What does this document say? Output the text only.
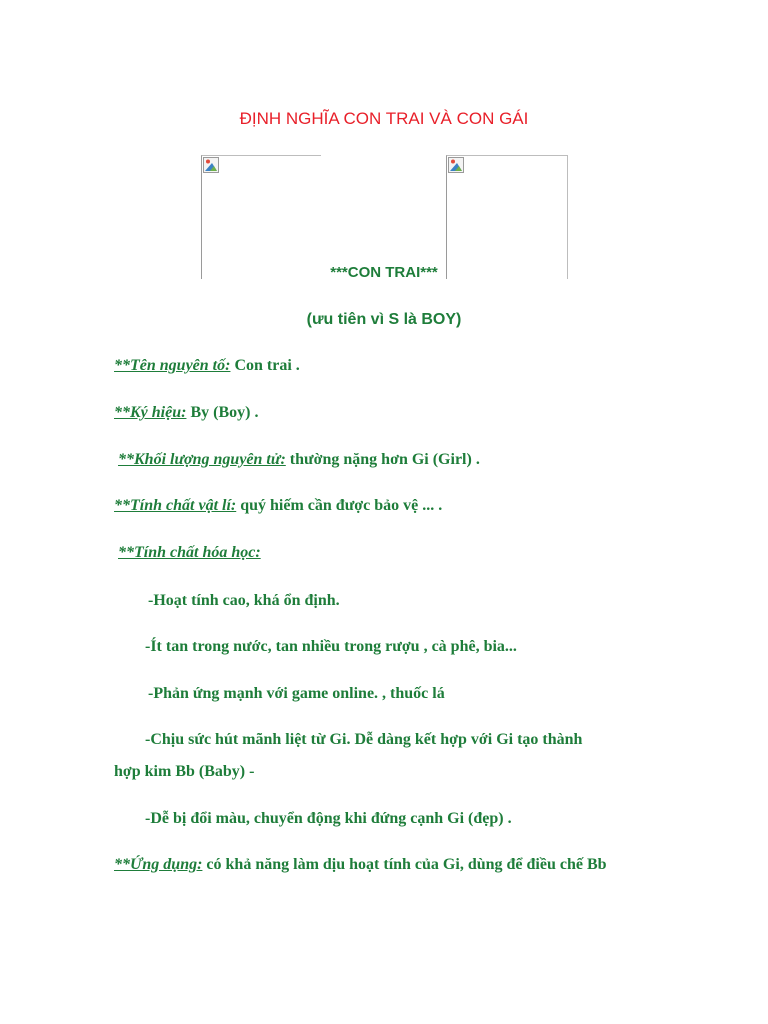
ĐỊNH NGHĨA CON TRAI VÀ CON GÁI
***CON TRAI***
(ưu tiên vì S là BOY)
**Tên nguyên tố: Con trai .
**Ký hiệu: By (Boy) .
**Khối lượng nguyên tử: thường nặng hơn Gi (Girl) .
**Tính chất vật lí: quý hiếm cần được bảo vệ ... .
**Tính chất hóa học:
-Hoạt tính cao, khá ổn định.
-Ít tan trong nước, tan nhiều trong rượu , cà phê, bia...
-Phản ứng mạnh với game online. , thuốc lá
-Chịu sức hút mãnh liệt từ Gi. Dễ dàng kết hợp với Gi tạo thành
hợp kim Bb (Baby) -
-Dễ bị đổi màu, chuyển động khi đứng cạnh Gi (đẹp) .
**Ứng dụng: có khả năng làm dịu hoạt tính của Gi, dùng để điều chế Bb
